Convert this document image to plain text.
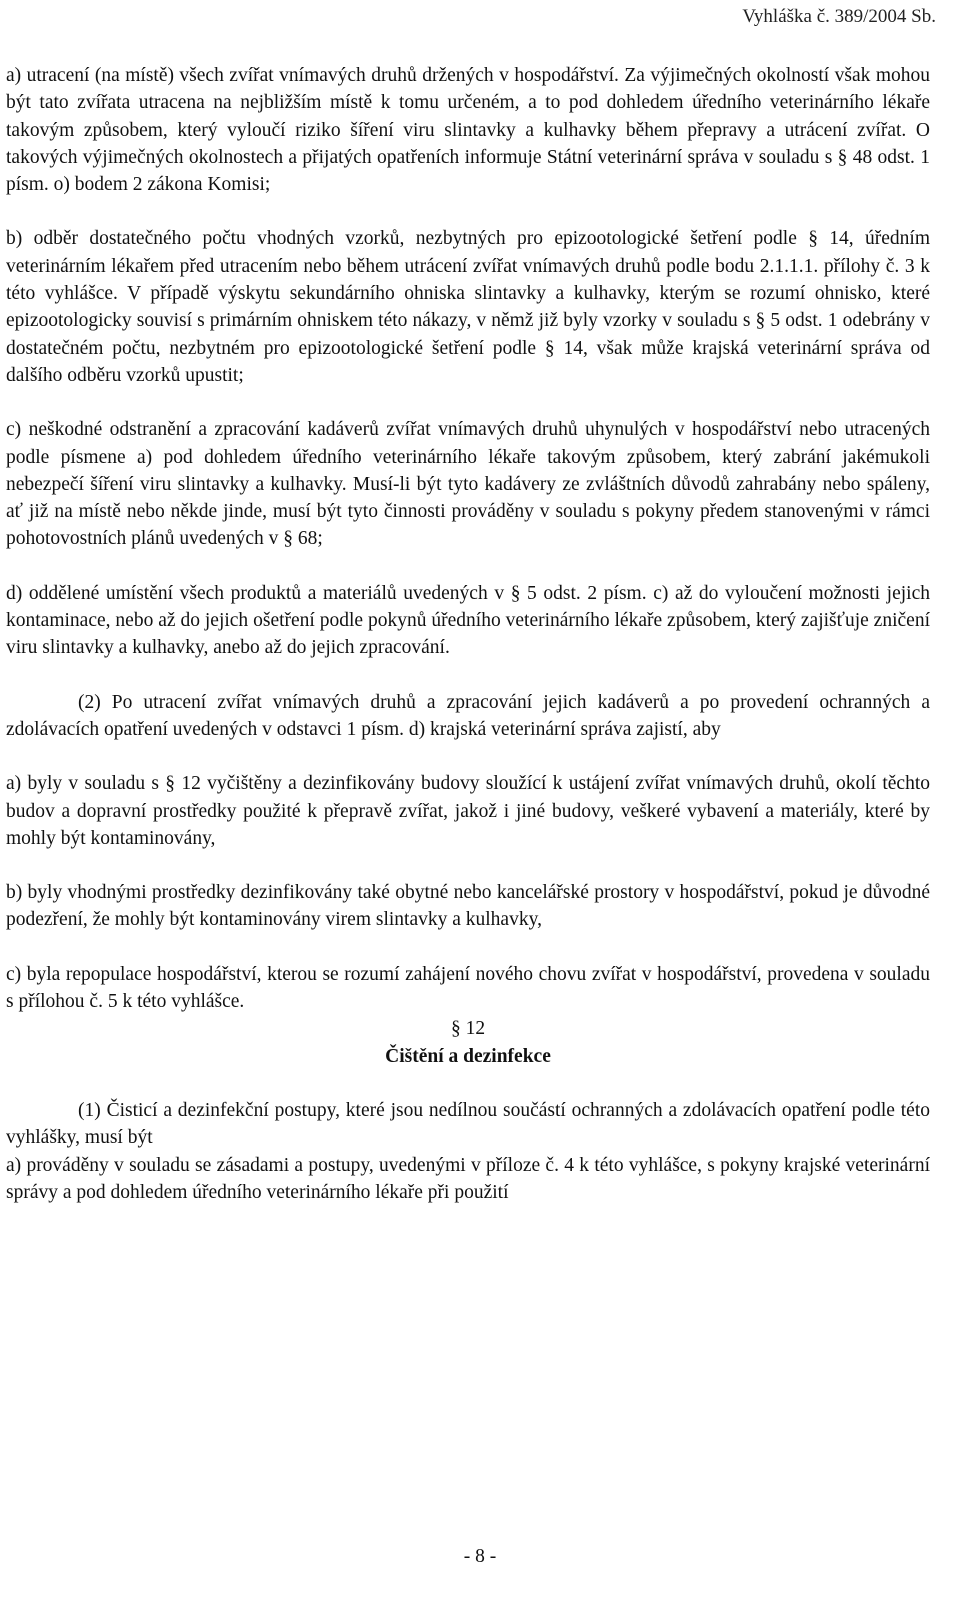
Vyhláška č. 389/2004 Sb.

a) utracení (na místě) všech zvířat vnímavých druhů držených v hospodářství. Za výjimečných okolností však mohou být tato zvířata utracena na nejbližším místě k tomu určeném, a to pod dohledem úředního veterinárního lékaře takovým způsobem, který vyloučí riziko šíření viru slintavky a kulhavky během přepravy a utrácení zvířat. O takových výjimečných okolnostech a přijatých opatřeních informuje Státní veterinární správa v souladu s § 48 odst. 1 písm. o) bodem 2 zákona Komisi;

b) odběr dostatečného počtu vhodných vzorků, nezbytných pro epizootologické šetření podle § 14, úředním veterinárním lékařem před utracením nebo během utrácení zvířat vnímavých druhů podle bodu 2.1.1.1. přílohy č. 3 k této vyhlášce. V případě výskytu sekundárního ohniska slintavky a kulhavky, kterým se rozumí ohnisko, které epizootologicky souvisí s primárním ohniskem této nákazy, v němž již byly vzorky v souladu s § 5 odst. 1 odebrány v dostatečném počtu, nezbytném pro epizootologické šetření podle § 14, však může krajská veterinární správa od dalšího odběru vzorků upustit;

c) neškodné odstranění a zpracování kadáverů zvířat vnímavých druhů uhynulých v hospodářství nebo utracených podle písmene a) pod dohledem úředního veterinárního lékaře takovým způsobem, který zabrání jakémukoli nebezpečí šíření viru slintavky a kulhavky. Musí-li být tyto kadávery ze zvláštních důvodů zahrabány nebo spáleny, ať již na místě nebo někde jinde, musí být tyto činnosti prováděny v souladu s pokyny předem stanovenými v rámci pohotovostních plánů uvedených v § 68;

d) oddělené umístění všech produktů a materiálů uvedených v § 5 odst. 2 písm. c) až do vyloučení možnosti jejich kontaminace, nebo až do jejich ošetření podle pokynů úředního veterinárního lékaře způsobem, který zajišťuje zničení viru slintavky a kulhavky, anebo až do jejich zpracování.

(2) Po utracení zvířat vnímavých druhů a zpracování jejich kadáverů a po provedení ochranných a zdolávacích opatření uvedených v odstavci 1 písm. d) krajská veterinární správa zajistí, aby

a) byly v souladu s § 12 vyčištěny a dezinfikovány budovy sloužící k ustájení zvířat vnímavých druhů, okolí těchto budov a dopravní prostředky použité k přepravě zvířat, jakož i jiné budovy, veškeré vybavení a materiály, které by mohly být kontaminovány,

b) byly vhodnými prostředky dezinfikovány také obytné nebo kancelářské prostory v hospodářství, pokud je důvodné podezření, že mohly být kontaminovány virem slintavky a kulhavky,

c) byla repopulace hospodářství, kterou se rozumí zahájení nového chovu zvířat v hospodářství, provedena v souladu s přílohou č. 5 k této vyhlášce.

§ 12

Čištění a dezinfekce

(1) Čisticí a dezinfekční postupy, které jsou nedílnou součástí ochranných a zdolávacích opatření podle této vyhlášky, musí být

a) prováděny v souladu se zásadami a postupy, uvedenými v příloze č. 4 k této vyhlášce, s pokyny krajské veterinární správy a pod dohledem úředního veterinárního lékaře při použití

- 8 -
